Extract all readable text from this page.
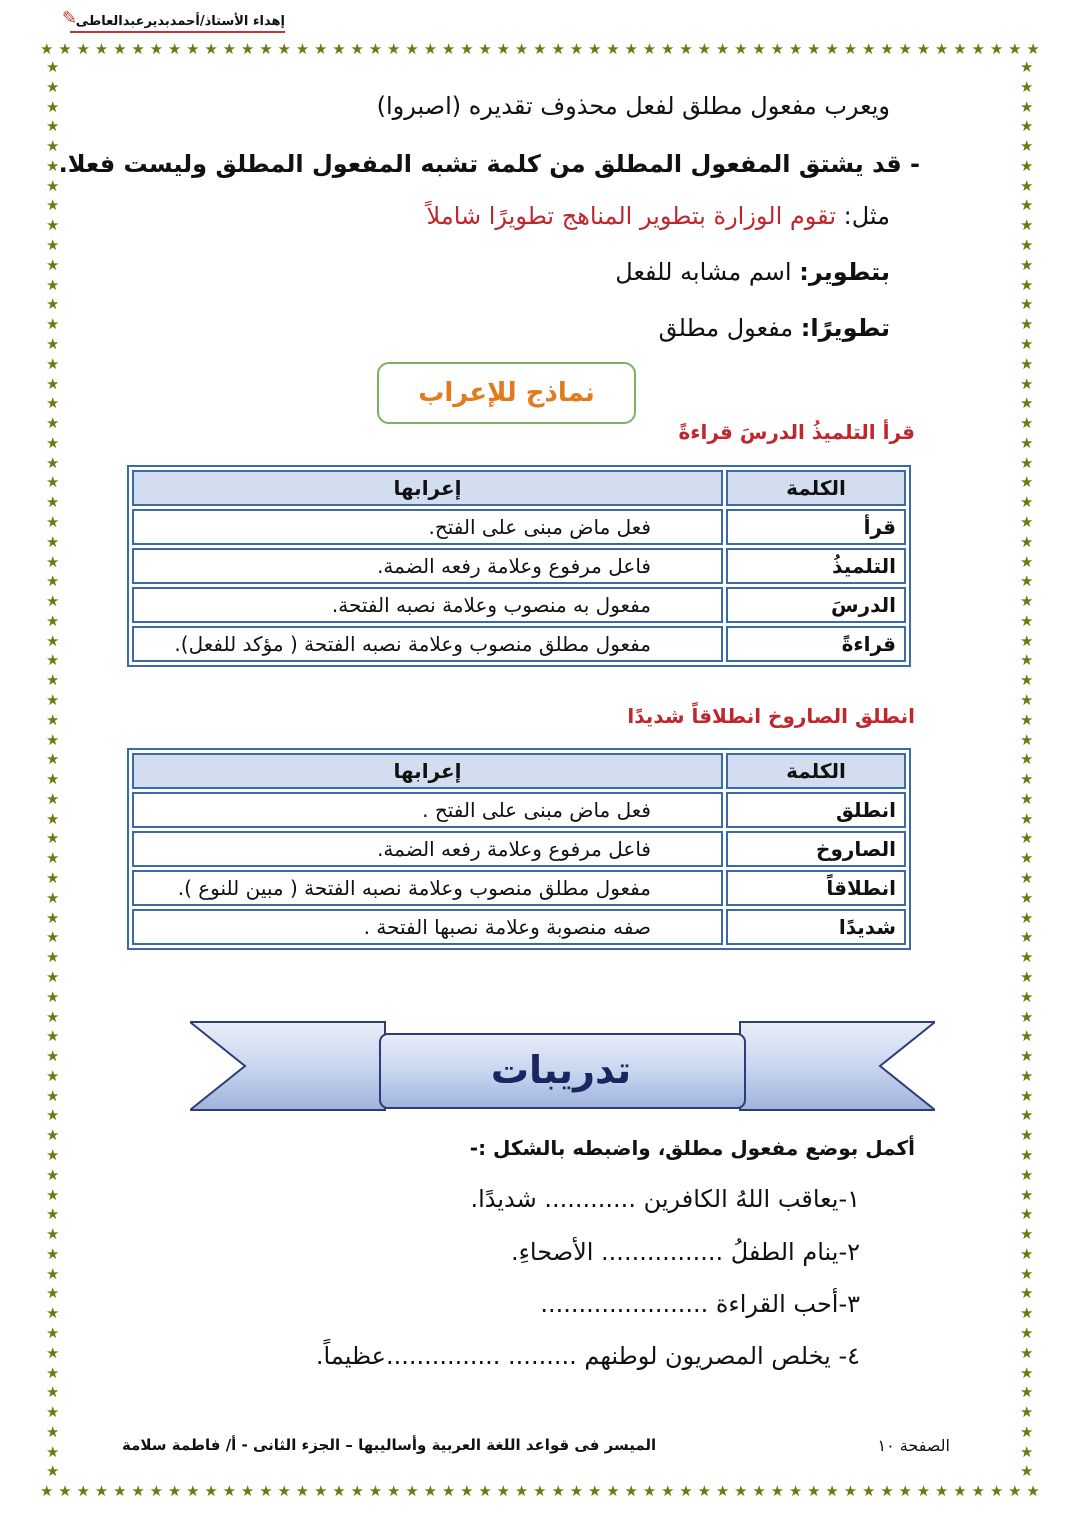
★ ★ ★ ★ ★ ★ ★ ★ ★ ★ ★ ★ ★ ★ ★ ★ ★ ★ ★ ★ ★ ★ ★ ★ ★ ★ ★ ★ ★ ★ ★ ★ ★ ★ ★ ★ ★ ★ ★ ★ ★ ★ ★ ★ ★ ★ ★ ★ ★ ★ ★ ★ ★ ★ ★
★ ★ ★ ★ ★ ★ ★ ★ ★ ★ ★ ★ ★ ★ ★ ★ ★ ★ ★ ★ ★ ★ ★ ★ ★ ★ ★ ★ ★ ★ ★ ★ ★ ★ ★ ★ ★ ★ ★ ★ ★ ★ ★ ★ ★ ★ ★ ★ ★ ★ ★ ★ ★ ★ ★
★
★
★
★
★
★
★
★
★
★
★
★
★
★
★
★
★
★
★
★
★
★
★
★
★
★
★
★
★
★
★
★
★
★
★
★
★
★
★
★
★
★
★
★
★
★
★
★
★
★
★
★
★
★
★
★
★
★
★
★
★
★
★
★
★
★
★
★
★
★
★
★
★
★
★
★
★
★
★
★
★
★
★
★
★
★
★
★
★
★
★
★
★
★
★
★
★
★
★
★
★
★
★
★
★
★
★
★
★
★
★
★
★
★
★
★
★
★
★
★
★
★
★
★
★
★
★
★
★
★
★
★
★
★
★
★
★
★
★
★
★
★
★
★
✎
إهداء الأستاذ/أحمدبديرعبدالعاطى
ويعرب مفعول مطلق لفعل محذوف تقديره (اصبروا)
- قد يشتق المفعول المطلق من كلمة تشبه المفعول المطلق وليست فعلا.
مثل: تقوم الوزارة بتطوير المناهج تطويرًا شاملاً
بتطوير: اسم مشابه للفعل
تطويرًا: مفعول مطلق
نماذج للإعراب
قرأ التلميذُ الدرسَ قراءةً
الكلمة	إعرابها
قرأ	فعل ماض مبنى على الفتح.
التلميذُ	فاعل مرفوع وعلامة رفعه الضمة.
الدرسَ	مفعول به منصوب وعلامة نصبه الفتحة.
قراءةً	مفعول مطلق منصوب وعلامة نصبه الفتحة ( مؤكد للفعل).
انطلق الصاروخ انطلاقاً شديدًا
الكلمة	إعرابها
انطلق	فعل ماض مبنى على الفتح .
الصاروخ	فاعل مرفوع وعلامة رفعه الضمة.
انطلاقاً	مفعول مطلق منصوب وعلامة نصبه الفتحة ( مبين للنوع ).
شديدًا	صفه منصوبة وعلامة نصبها الفتحة .
تدريبات
أكمل بوضع مفعول مطلق، واضبطه بالشكل :-
١-يعاقب اللهُ الكافرين ............ شديدًا.
٢-ينام الطفلُ ................ الأصحاءِ.
٣-أحب القراءة ......................
٤- يخلص المصريون لوطنهم ......... ...............عظيماً.
الصفحة ١٠
الميسر فى قواعد اللغة العربية وأساليبها – الجزء الثانى - أ/ فاطمة سلامة
